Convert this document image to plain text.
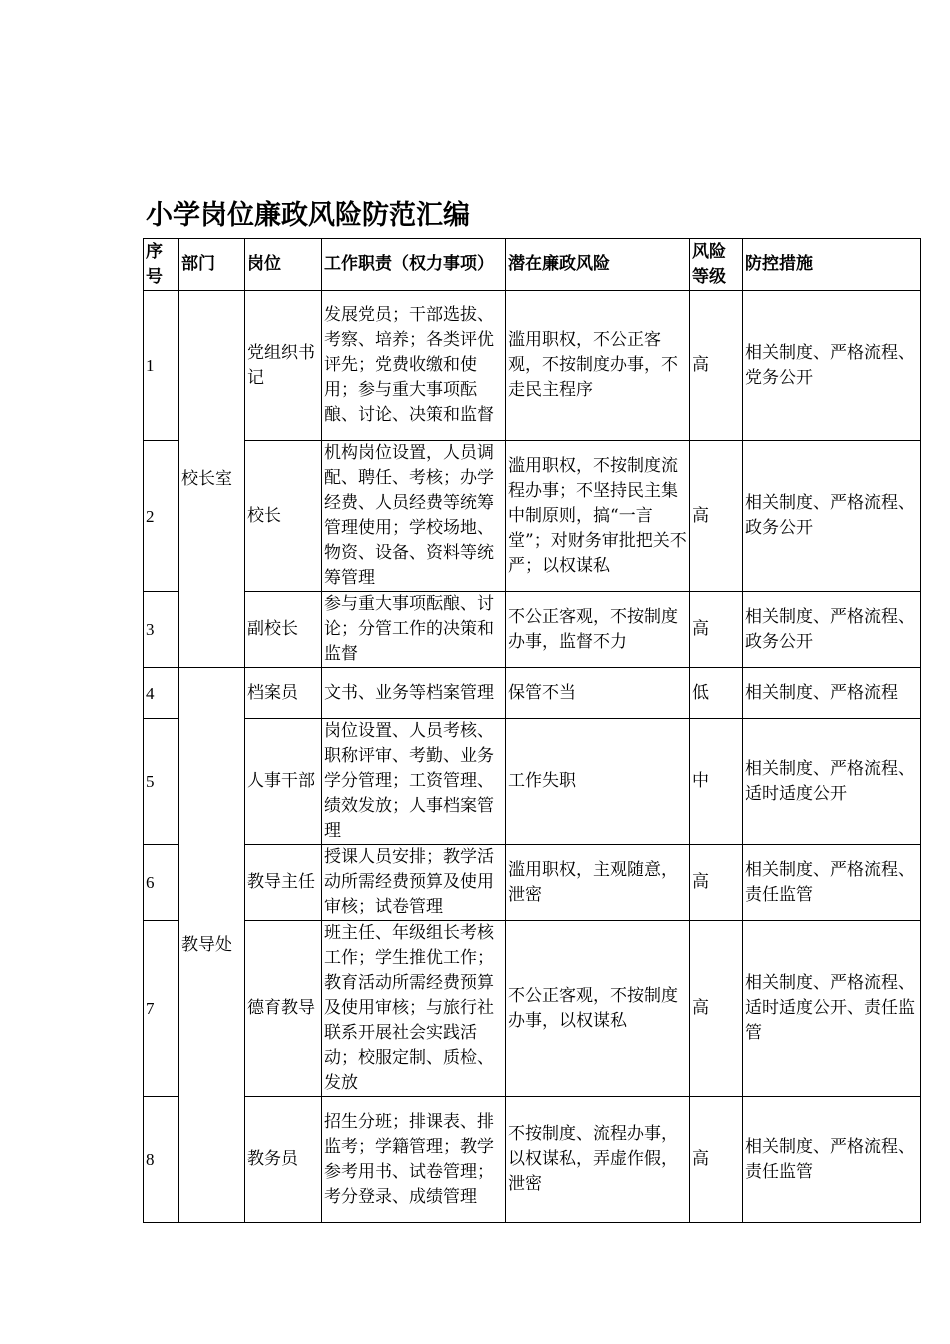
小学岗位廉政风险防范汇编
序号	部门	岗位	工作职责（权力事项）	潜在廉政风险	风险等级	防控措施
1	校长室	党组织书记	发展党员；干部选拔、考察、培养；各类评优评先；党费收缴和使用；参与重大事项酝酿、讨论、决策和监督	滥用职权，不公正客观，不按制度办事，不走民主程序	高	相关制度、严格流程、党务公开
2		校长	机构岗位设置，人员调配、聘任、考核；办学经费、人员经费等统筹管理使用；学校场地、物资、设备、资料等统筹管理	滥用职权，不按制度流程办事；不坚持民主集中制原则，搞“一言堂”；对财务审批把关不严；以权谋私	高	相关制度、严格流程、政务公开
3		副校长	参与重大事项酝酿、讨论；分管工作的决策和监督	不公正客观，不按制度办事，监督不力	高	相关制度、严格流程、政务公开
4	教导处	档案员	文书、业务等档案管理	保管不当	低	相关制度、严格流程
5		人事干部	岗位设置、人员考核、职称评审、考勤、业务学分管理；工资管理、绩效发放；人事档案管理	工作失职	中	相关制度、严格流程、适时适度公开
6		教导主任	授课人员安排；教学活动所需经费预算及使用审核；试卷管理	滥用职权，主观随意，泄密	高	相关制度、严格流程、责任监管
7		德育教导	班主任、年级组长考核工作；学生推优工作；教育活动所需经费预算及使用审核；与旅行社联系开展社会实践活动；校服定制、质检、发放	不公正客观，不按制度办事，以权谋私	高	相关制度、严格流程、适时适度公开、责任监管
8		教务员	招生分班；排课表、排监考；学籍管理；教学参考用书、试卷管理；考分登录、成绩管理	不按制度、流程办事，以权谋私，弄虚作假，泄密	高	相关制度、严格流程、责任监管
